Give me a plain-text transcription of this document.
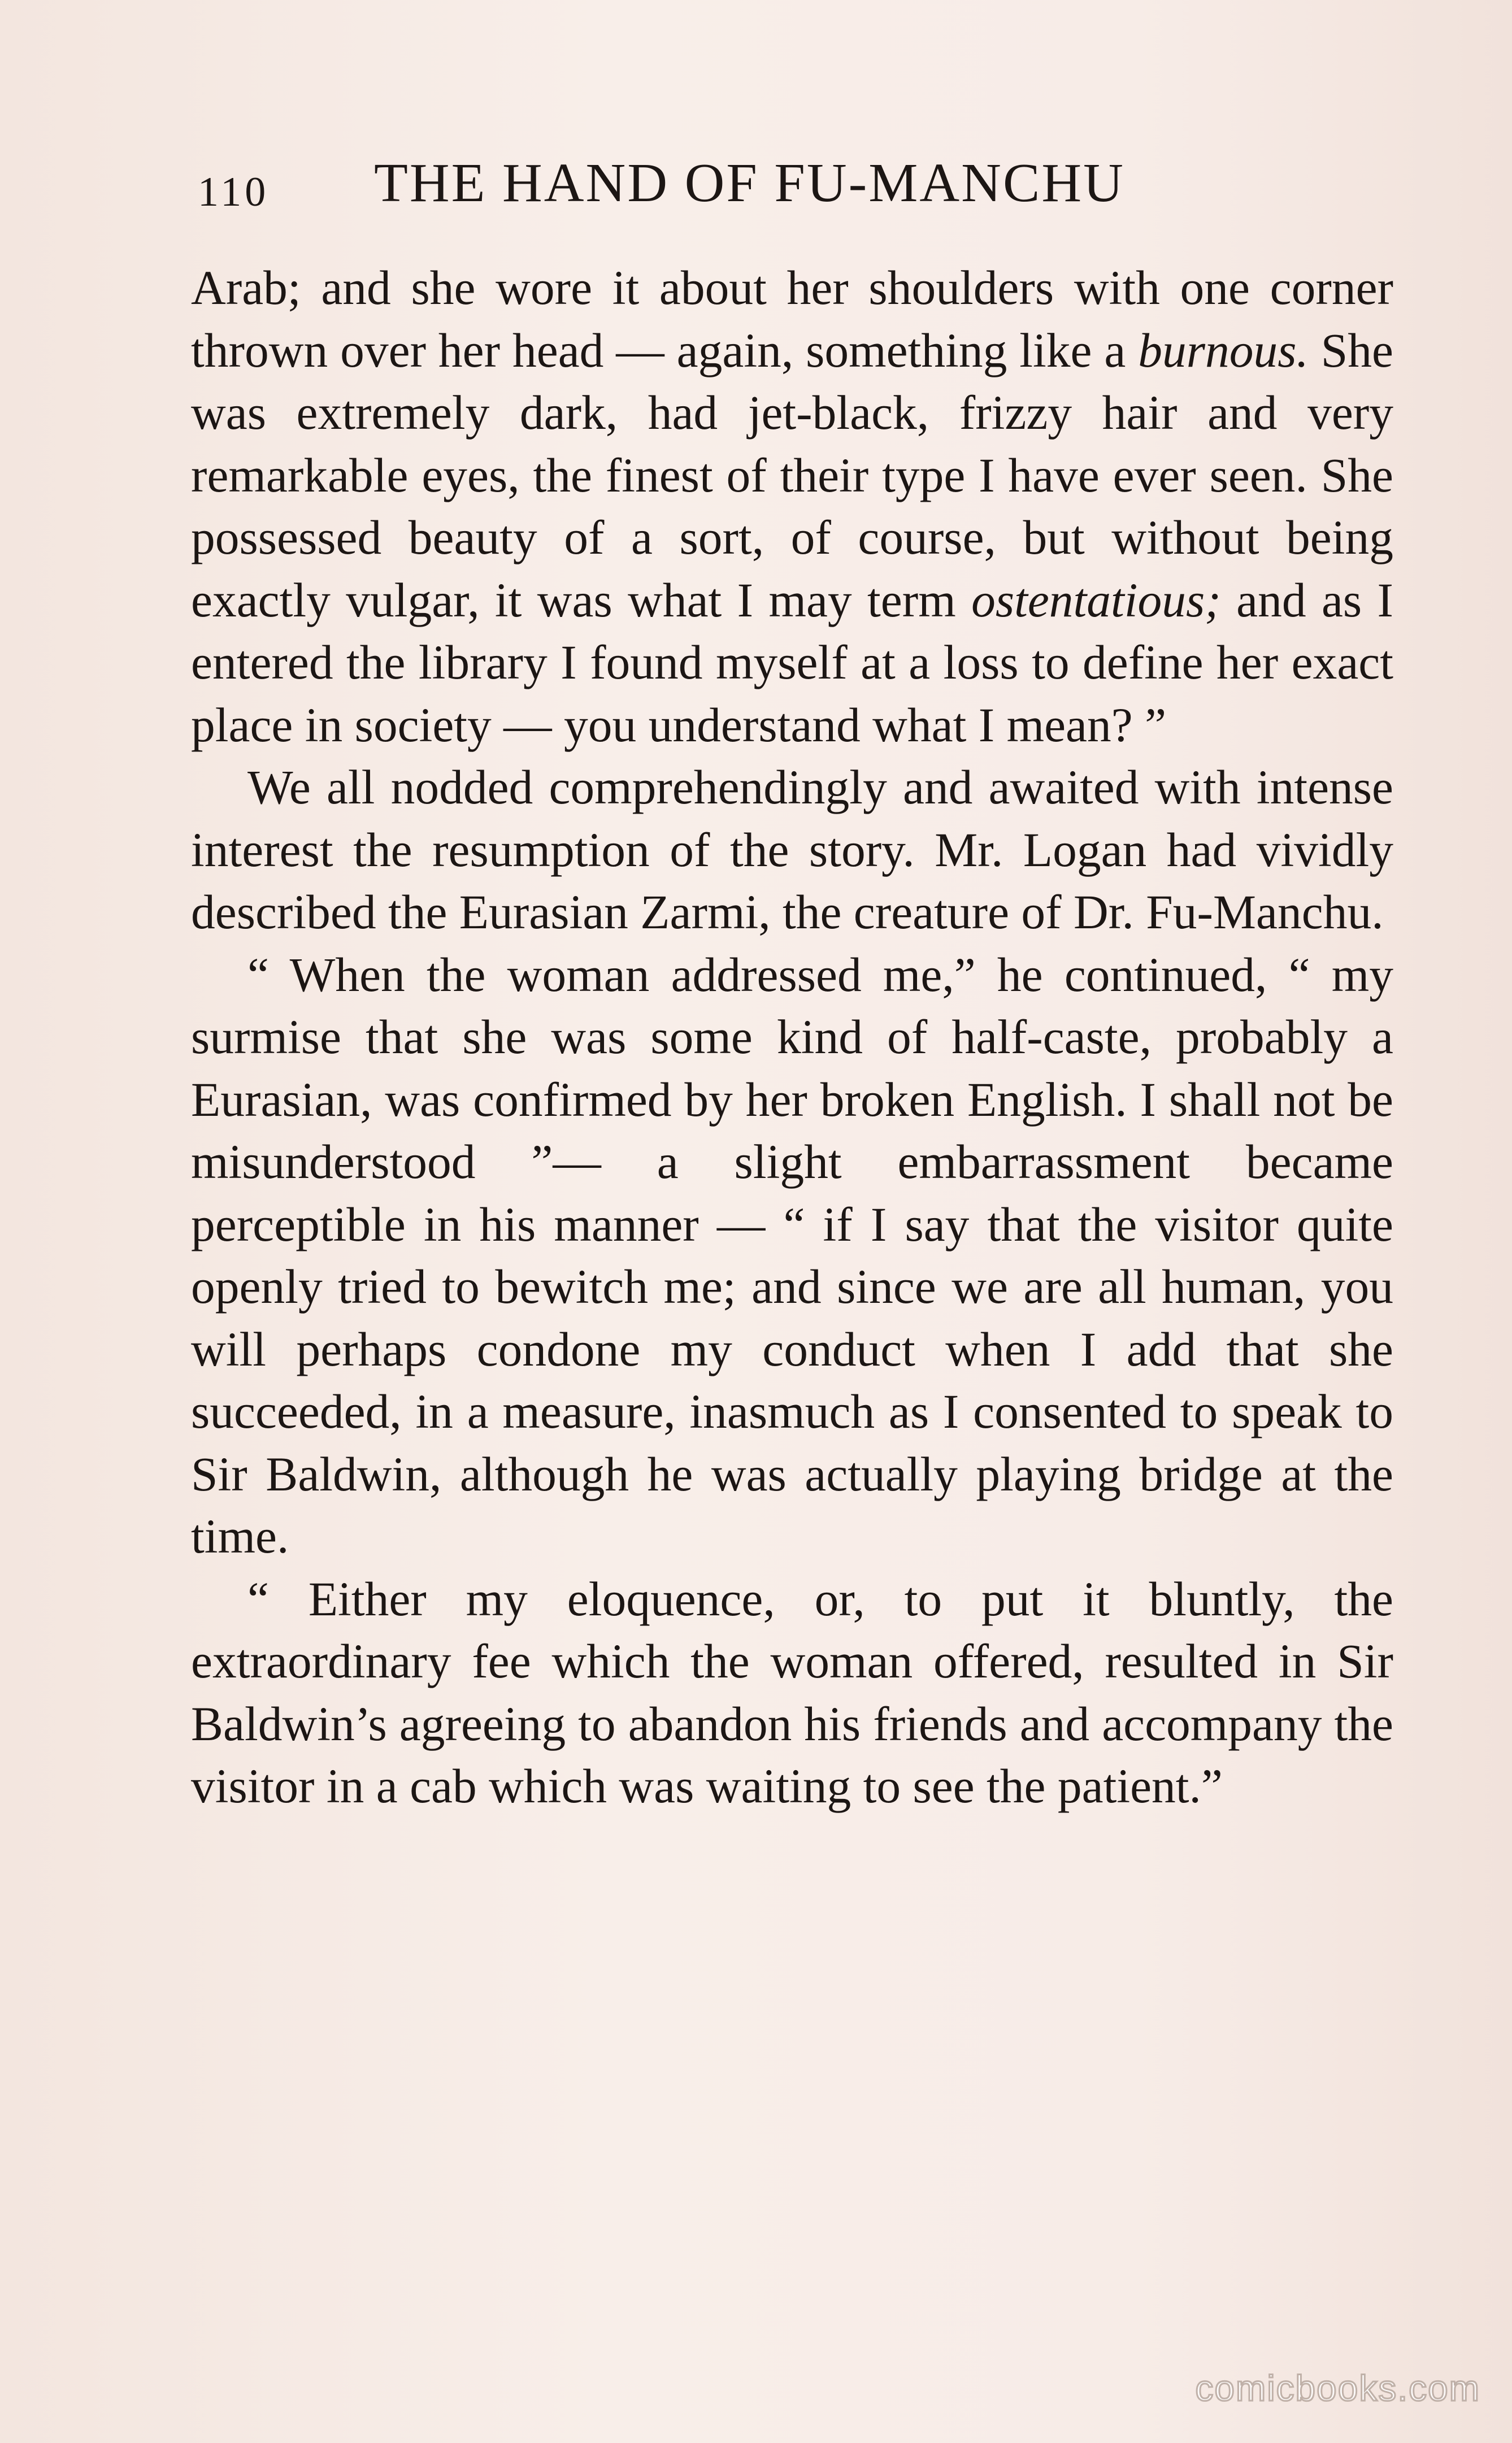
110 THE HAND OF FU-MANCHU

Arab; and she wore it about her shoulders with one corner thrown over her head — again, something like a burnous. She was extremely dark, had jet-black, frizzy hair and very remarkable eyes, the finest of their type I have ever seen. She possessed beauty of a sort, of course, but without being exactly vulgar, it was what I may term ostentatious; and as I entered the library I found myself at a loss to define her exact place in society — you understand what I mean? ”

We all nodded comprehendingly and awaited with intense interest the resumption of the story. Mr. Logan had vividly described the Eurasian Zarmi, the creature of Dr. Fu-Manchu.

“ When the woman addressed me,” he continued, “ my surmise that she was some kind of half-caste, probably a Eurasian, was confirmed by her broken English. I shall not be misunderstood ”— a slight embarrassment became perceptible in his manner — “ if I say that the visitor quite openly tried to bewitch me; and since we are all human, you will perhaps condone my conduct when I add that she succeeded, in a measure, inasmuch as I consented to speak to Sir Baldwin, although he was actually playing bridge at the time.

“ Either my eloquence, or, to put it bluntly, the extraordinary fee which the woman offered, resulted in Sir Baldwin’s agreeing to abandon his friends and accompany the visitor in a cab which was waiting to see the patient.”

comicbooks.com
